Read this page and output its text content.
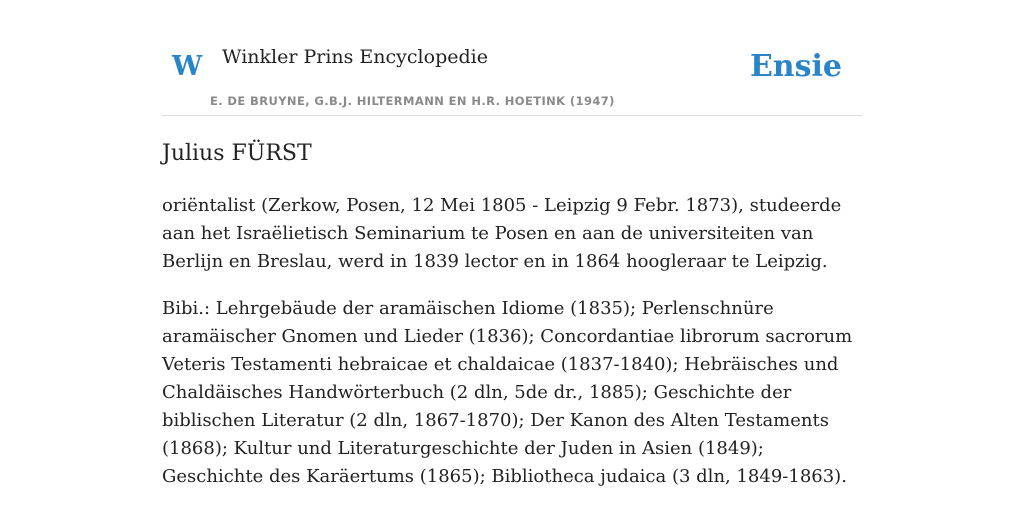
W Winkler Prins Encyclopedie
E. DE BRUYNE, G.B.J. HILTERMANN EN H.R. HOETINK (1947)
Ensie
Julius FÜRST

oriëntalist (Zerkow, Posen, 12 Mei 1805 - Leipzig 9 Febr. 1873), studeerde aan het Israëlietisch Seminarium te Posen en aan de universiteiten van Berlijn en Breslau, werd in 1839 lector en in 1864 hoogleraar te Leipzig.

Bibi.: Lehrgebäude der aramäischen Idiome (1835); Perlenschnüre aramäischer Gnomen und Lieder (1836); Concordantiae librorum sacrorum Veteris Testamenti hebraicae et chaldaicae (1837-1840); Hebräisches und Chaldäisches Handwörterbuch (2 dln, 5de dr., 1885); Geschichte der biblischen Literatur (2 dln, 1867-1870); Der Kanon des Alten Testaments (1868); Kultur und Literaturgeschichte der Juden in Asien (1849); Geschichte des Karäertums (1865); Bibliotheca judaica (3 dln, 1849-1863).
